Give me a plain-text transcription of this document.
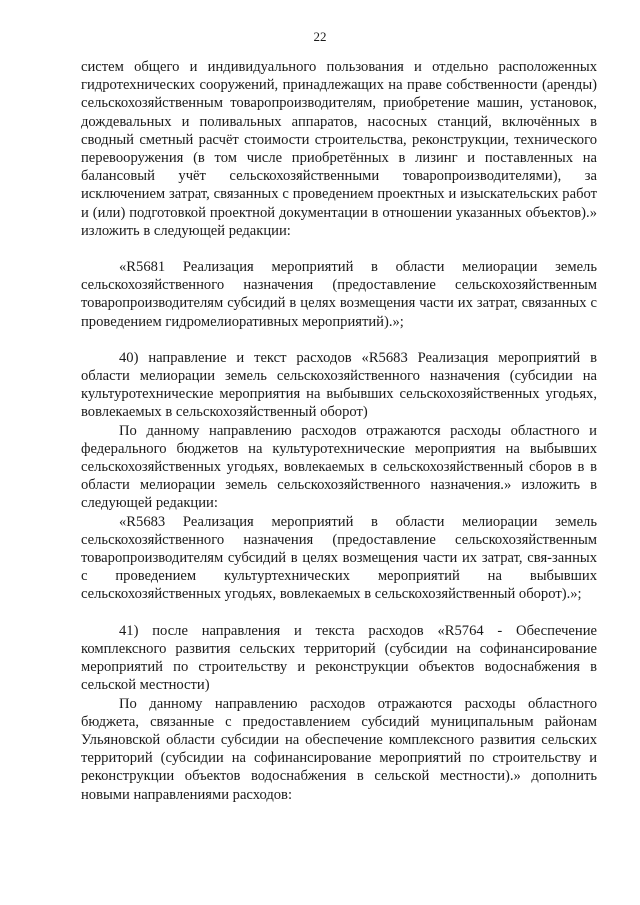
22

систем общего и индивидуального пользования и отдельно расположенных гидротехнических сооружений, принадлежащих на праве собственности (аренды) сельскохозяйственным товаропроизводителям, приобретение машин, установок, дождевальных и поливальных аппаратов, насосных станций, включённых в сводный сметный расчёт стоимости строительства, реконструкции, технического перевооружения (в том числе приобретённых в лизинг и поставленных на балансовый учёт сельскохозяйственными товаропроизводителями), за исключением затрат, связанных с проведением проектных и изыскательских работ и (или) подготовкой проектной документации в отношении указанных объектов).» изложить в следующей редакции:

«R5681 Реализация мероприятий в области мелиорации земель сельскохозяйственного назначения (предоставление сельскохозяйственным товаропроизводителям субсидий в целях возмещения части их затрат, связанных с проведением гидромелиоративных мероприятий).»;

40) направление и текст расходов «R5683 Реализация мероприятий в области мелиорации земель сельскохозяйственного назначения (субсидии на культуротехнические мероприятия на выбывших сельскохозяйственных угодьях, вовлекаемых в сельскохозяйственный оборот)

По данному направлению расходов отражаются расходы областного и федерального бюджетов на культуротехнические мероприятия на выбывших сельскохозяйственных угодьях, вовлекаемых в сельскохозяйственный сборов в в области мелиорации земель сельскохозяйственного назначения.» изложить в следующей редакции:

«R5683 Реализация мероприятий в области мелиорации земель сельскохозяйственного назначения (предоставление сельскохозяйственным товаропроизводителям субсидий в целях возмещения части их затрат, свя-занных с проведением культуртехнических мероприятий на выбывших сельскохозяйственных угодьях, вовлекаемых в сельскохозяйственный оборот).»;

41) после направления и текста расходов «R5764 - Обеспечение комплексного развития сельских территорий (субсидии на софинансирование мероприятий по строительству и реконструкции объектов водоснабжения в сельской местности)

По данному направлению расходов отражаются расходы областного бюджета, связанные с предоставлением субсидий муниципальным районам Ульяновской области субсидии на обеспечение комплексного развития сельских территорий (субсидии на софинансирование мероприятий по строительству и реконструкции объектов водоснабжения в сельской местности).» дополнить новыми направлениями расходов:
